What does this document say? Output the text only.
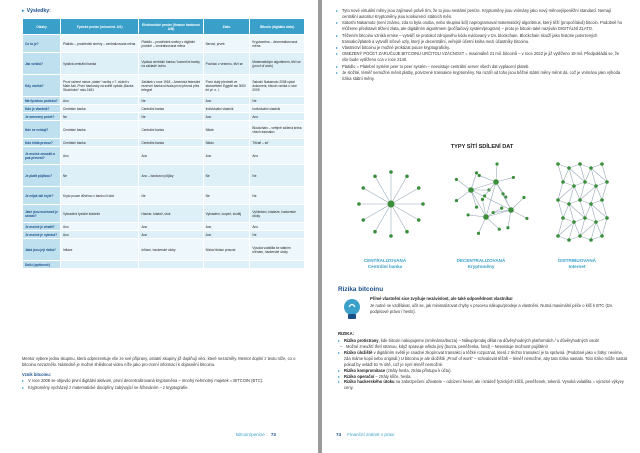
▸ Výsledky:
Otázky	Fyzické peníze (mince/ed. A/1)	Elektronické peníze (finance bankovní A/B)	Zlato	Bitcoin (digitální zlato)
Co to je?	Platidlo – prostředek směny – centralizovaná měna	Platidlo – prostředek směny v digitální podobě – centralizovaná měna	Nerost, prvek	Kryptoměna – decentralizovaná měna
Jak vzniká?	Vydává centrální banka	Vydává centrální banka / komerční banky na základě úvěru	Pochází z vesmíru, těží se	Matematickým algoritmem, těží se (proof of work)
Kdy vzniká?	První ražené mince „stater“ vzniky v 7. století v Malé Asii. První bankovky na světě vydala „Banka Stockholm“ roku 1661	Začátek v roce 1918 – Americká federální rezervní banka užívala první převod přes telegraf	První zlatý předmět ve starověkém Egyptě asi 3000 let př. n. l.	Satoshi Nakamoto 2008 vydal dokument, bitcoin vzniká v roce 2009
Má fyzickou podobu?	Ano	Ne	Ano	Ne
Kdo je vlastník?	Centrální banka	Centrální banka	Individuální vlastník	Individuální vlastník
Je omezený počet?	Ne	Ne	Ano	Ano
Kde se evidují?	Centrální banka	Centrální banka	Nikde	Blockchain – veřejně sdílená kniha všech transakcí
Kdo hlídá provoz?	Centrální banka	Centrální banka	Nikdo	Těžaři – síť
Je možné zmnožit a pak převést?	Ano	Ano	Ano	Ano
Je platit půjčkou?	Ne	Ano – bankovní půjčky	Ne	Ne
Je nějak dál kryté?	Kryto pouze důvěrou v banku či stát	Ne	Ne	Ne
Jaké jsou možnosti je ukrást?	Vykradení fyzické krádeže	Hacker, krádež, útok	Vykradení, loupež, zloděj	Vyhledání, krádeže, hackerské útoky
Je možné je ztratit?	Ano	Ano	Ano	Ano
Je možné je vykrást?	Ano	Ano	Ano	Ne
Jaká jsou její rizika?	Inflace	Inflace, hackerské útoky	Nízká hlídací pravost	Vysoká volatilita ke státním měnám, hackerské útoky
Další (opětovně)				

Mentor vybere jednu skupinu, která odprezentuje vše ze své přípravy, ostatní skupiny již doplňují věci, které nezazněly. Mentor doplní z textu níže, co o bitcoinu nezaznělo. Následně je možné shlédnout video níže jako pro-zcení informací k objasnění bitcoinu.

Vznik bitcoinu:
▸ V roce 2008 se objevilo první digitální aktivum, první decentralizovaná kryptoměna – mnohý nehmotný majetek = BITCOIN (BTC).
▸ Kryptoměny vycházejí z matematické disciplíny zabývající se šifrováním – z kryptografie.
Bitcoin/peníze 73
▸ Tyto nové virtuální měny jsou zajímavé právě tím, že to jsou nestátní peníze. Kryptoměny jsou vnímány jako nový měnový/peněžní standard. Nemají centrální autoritu! Kryptoměny jsou konkurencí státních měn.
▸ Satoshi Nakamoto (není známo, zda to byla osoba, nebo skupina lidí) naprogramoval matematický algoritmus, který těží (propočítává) bitcoin. Podobně ho můžeme představit těžení zlata, ale digitálním algoritmem (počítačový systém/program) – proto je bitcoin také nazýván DIGITÁLNÍ ZLATO.
▸ Těžením bitcoinu vzniká emise – vytváří se protokol zdrojového kódu evidovaný v tzv. blockchain. Blockchain slouží jako historie potvrzených transakcí/plateb a vytvořil síťové uzly, který je decentrální, veřejně účetní kniha mezi účastníky bitcoinu.
▸ Vlastnictví bitcoinu je možné prokázat pouze kryptograficky.
▸ OMEZENÝ POČET ZARUČUJE BITCOINU URČITOU VZÁCNOST = maximálně 21 mil. bitcoinů – v roce 2022 je již vytěženo 19 mil. Předpokládá se, že vše bude vytěženo cca v roce 2140.
▸ Platidlo = Platební systém peer to peer systém – neexistuje centrální server všech dat vyplacení plateb.
▸ Je složité, téměř nemožné měnit platby, potvrzené transakce kryptoměny. Na rozdíl od toho jsou běžné státní měny měnit dá, což je vnímáno jako výhoda rizika státní měny.
TYPY SÍTÍ SDÍLENÍ DAT
CENTRALIZOVANÁ
Centrální banka
DECENTRALIZOVANÁ
Kryptoměny
DISTRIBUOVANÁ
Internet
Rizika bitcoinu
Přímé vlastnění sice zvyšuje nezávislost, ale také odpovědnost vlastníka!
Je nutné se vzdělávat, učit se, jak minimalizovat chyby v procesu nákupu/prodeje a vlastnění. Nutná maximální péče o klíč k BTC (tzv. podpisové právo / heslo).
RIZIKA:
▸ Riziko protistrany, kde bitcoin nakupujeme (směnárna/burza) – Nákup/prodej dělat na důvěryhodných platformách / u důvěryhodných osob!
– Možné zneužití třetí stranou, když spravuje někdo jiný (burza, peněženka, fond) – Neexistuje možnost pojištění!
▸ Riziko úložiště v digitálním světě je snadné zkopírovat transakci a těžké rozpoznat, která z těchto transakcí je ta správná. (Podobné jako u fotky: nevíme, zda máme kopii nebo originál.) U bitcoinu je ale úložiště „Proof of work“ – schvalovat těžaři – téměř nemožné, aby tato rizika nastalo. Toto riziko může nastat pokud by ovládl 51 % sítě, což je nyní téměř nemožné.
▸ Riziko kompromitace (ztráty hesla, ztráta přístupu k účtu).
▸ Riziko operační – ztráty klíče, hesla.
▸ Riziko hackerského útoku na zabezpečení uživatele – odcizení hesel, ale i krádež fyzických klíčů, peněženek, tokenů. Vysoká volatilita = výrazné výkyvy ceny.
74 Finanční zralost v praxi
